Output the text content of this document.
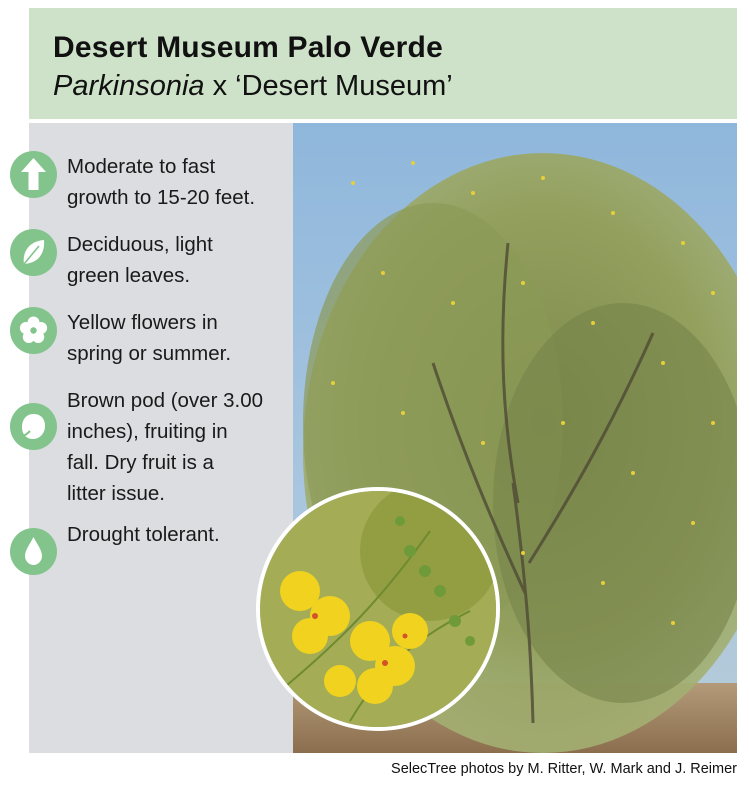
Desert Museum Palo Verde
Parkinsonia x ‘Desert Museum’
Moderate to fast
growth to 15-20 feet.
Deciduous, light
green leaves.
Yellow flowers in
spring or summer.
Brown pod (over 3.00
inches), fruiting in
fall. Dry fruit is a
litter issue.
Drought tolerant.
SelecTree photos by M. Ritter, W. Mark and J. Reimer
